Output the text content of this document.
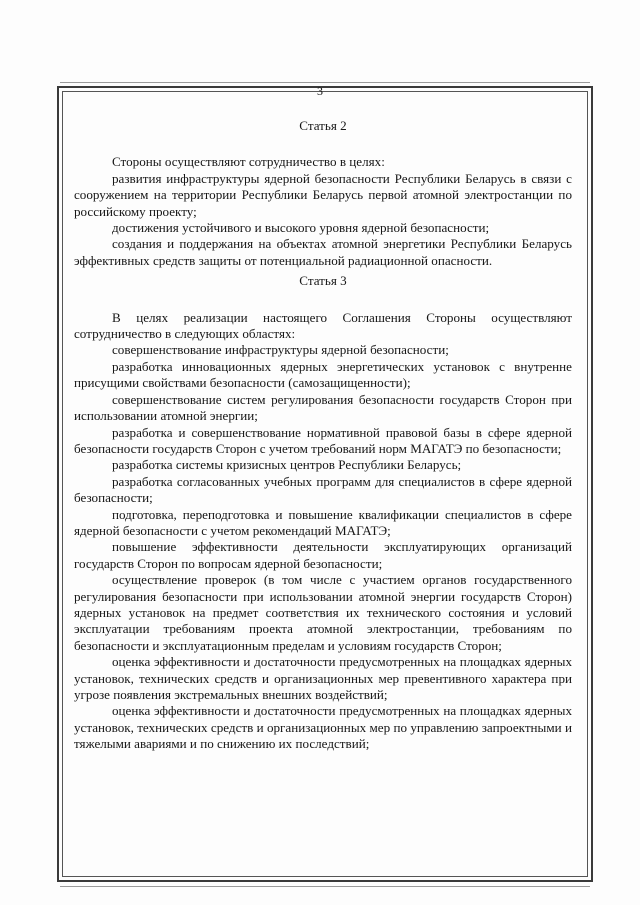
3

Статья 2

Стороны осуществляют сотрудничество в целях:

развития инфраструктуры ядерной безопасности Республики Беларусь в связи с сооружением на территории Республики Беларусь первой атомной электростанции по российскому проекту;

достижения устойчивого и высокого уровня ядерной безопасности;

создания и поддержания на объектах атомной энергетики Республики Беларусь эффективных средств защиты от потенциальной радиационной опасности.

Статья 3

В целях реализации настоящего Соглашения Стороны осуществляют сотрудничество в следующих областях:

совершенствование инфраструктуры ядерной безопасности;

разработка инновационных ядерных энергетических установок с внутренне присущими свойствами безопасности (самозащищенности);

совершенствование систем регулирования безопасности государств Сторон при использовании атомной энергии;

разработка и совершенствование нормативной правовой базы в сфере ядерной безопасности государств Сторон с учетом требований норм МАГАТЭ по безопасности;

разработка системы кризисных центров Республики Беларусь;

разработка согласованных учебных программ для специалистов в сфере ядерной безопасности;

подготовка, переподготовка и повышение квалификации специалистов в сфере ядерной безопасности с учетом рекомендаций МАГАТЭ;

повышение эффективности деятельности эксплуатирующих организаций государств Сторон по вопросам ядерной безопасности;

осуществление проверок (в том числе с участием органов государственного регулирования безопасности при использовании атомной энергии государств Сторон) ядерных установок на предмет соответствия их технического состояния и условий эксплуатации требованиям проекта атомной электростанции, требованиям по безопасности и эксплуатационным пределам и условиям государств Сторон;

оценка эффективности и достаточности предусмотренных на площадках ядерных установок, технических средств и организационных мер превентивного характера при угрозе появления экстремальных внешних воздействий;

оценка эффективности и достаточности предусмотренных на площадках ядерных установок, технических средств и организационных мер по управлению запроектными и тяжелыми авариями и по снижению их последствий;
